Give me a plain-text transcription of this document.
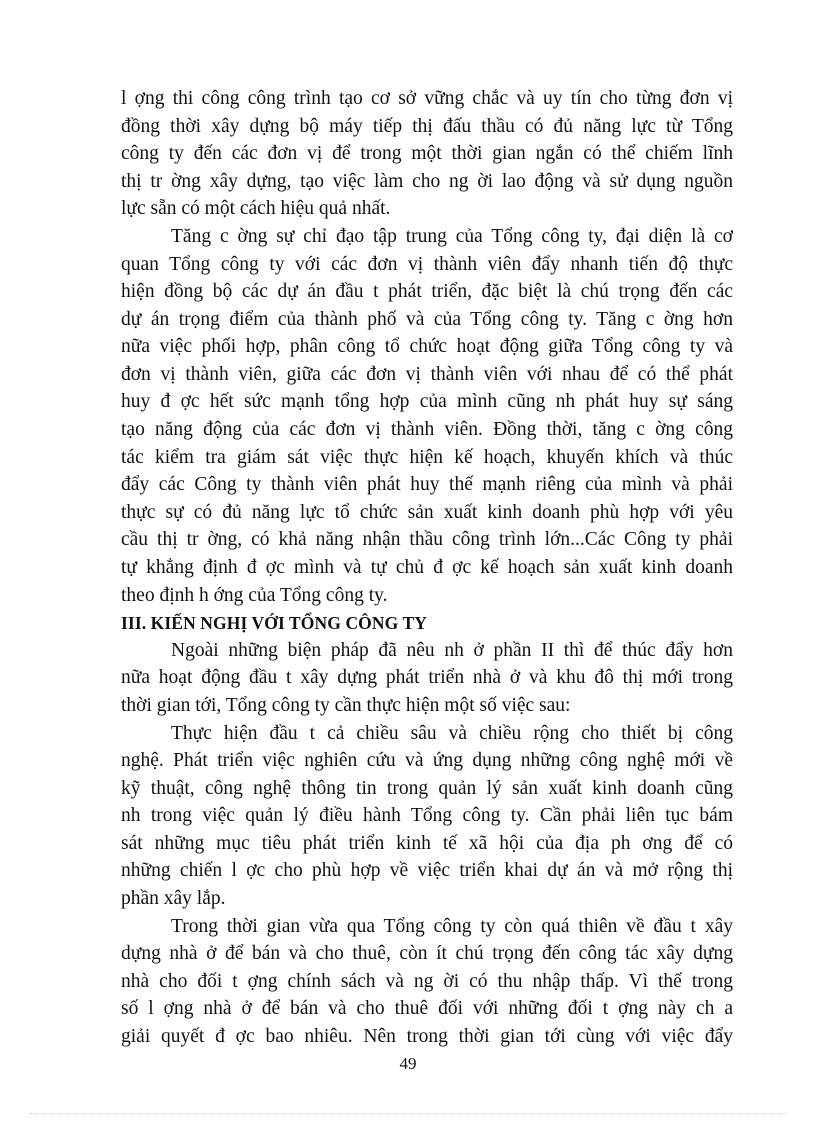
l ợng thi công công trình tạo cơ sở vững chắc và uy tín cho từng đơn vị
đồng thời xây dựng bộ máy tiếp thị đấu thầu có đủ năng lực từ Tổng
công ty đến các đơn vị để trong một thời gian ngắn có thể chiếm lĩnh
thị tr ờng xây dựng, tạo việc làm cho ng ời lao động và sử dụng nguồn
lực sẵn có một cách hiệu quả nhất.
Tăng c ờng sự chỉ đạo tập trung của Tổng công ty, đại diện là cơ
quan Tổng công ty với các đơn vị thành viên đẩy nhanh tiến độ thực
hiện đồng bộ các dự án đầu t phát triển, đặc biệt là chú trọng đến các
dự án trọng điểm của thành phố và của Tổng công ty. Tăng c ờng hơn
nữa việc phối hợp, phân công tổ chức hoạt động giữa Tổng công ty và
đơn vị thành viên, giữa các đơn vị thành viên với nhau để có thể phát
huy đ ợc hết sức mạnh tổng hợp của mình cũng nh phát huy sự sáng
tạo năng động của các đơn vị thành viên. Đồng thời, tăng c ờng công
tác kiểm tra giám sát việc thực hiện kế hoạch, khuyến khích và thúc
đẩy các Công ty thành viên phát huy thế mạnh riêng của mình và phải
thực sự có đủ năng lực tổ chức sản xuất kinh doanh phù hợp với yêu
cầu thị tr ờng, có khả năng nhận thầu công trình lớn...Các Công ty phải
tự khẳng định đ ợc mình và tự chủ đ ợc kế hoạch sản xuất kinh doanh
theo định h ớng của Tổng công ty.
III. KIẾN NGHỊ VỚI TỔNG CÔNG TY
Ngoài những biện pháp đã nêu nh ở phần II thì để thúc đẩy hơn
nữa hoạt động đầu t xây dựng phát triển nhà ở và khu đô thị mới trong
thời gian tới, Tổng công ty cần thực hiện một số việc sau:
Thực hiện đầu t cả chiều sâu và chiều rộng cho thiết bị công
nghệ. Phát triển việc nghiên cứu và ứng dụng những công nghệ mới về
kỹ thuật, công nghệ thông tin trong quản lý sản xuất kinh doanh cũng
nh trong việc quản lý điều hành Tổng công ty. Cần phải liên tục bám
sát những mục tiêu phát triển kinh tế xã hội của địa ph ơng để có
những chiến l ợc cho phù hợp về việc triển khai dự án và mở rộng thị
phần xây lắp.
Trong thời gian vừa qua Tổng công ty còn quá thiên về đầu t xây
dựng nhà ở để bán và cho thuê, còn ít chú trọng đến công tác xây dựng
nhà cho đối t ợng chính sách và ng ời có thu nhập thấp. Vì thế trong
số l ợng nhà ở để bán và cho thuê đối với những đối t ợng này ch a
giải quyết đ ợc bao nhiêu. Nên trong thời gian tới cùng với việc đẩy
49
